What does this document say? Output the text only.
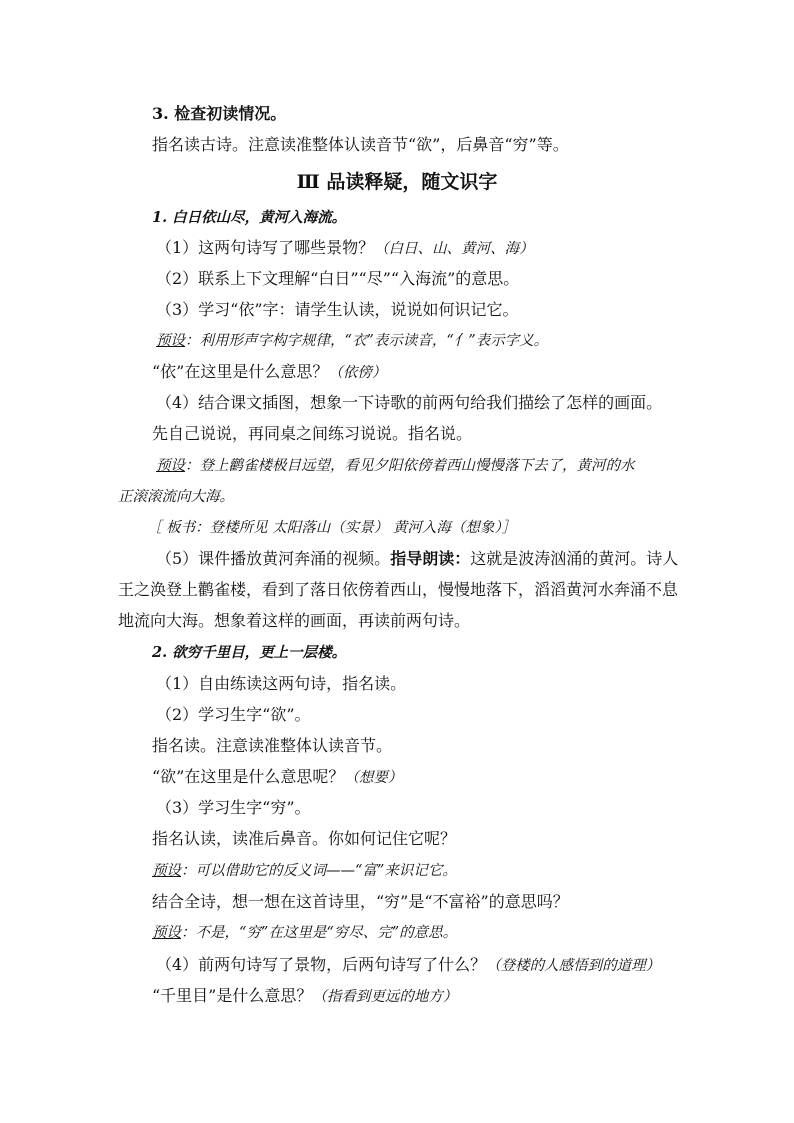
3. 检查初读情况。
指名读古诗。注意读准整体认读音节“欲”，后鼻音“穷”等。
Ⅲ 品读释疑，随文识字
1. 白日依山尽，黄河入海流。
（1）这两句诗写了哪些景物？（白日、山、黄河、海）
（2）联系上下文理解“白日”“尽”“入海流”的意思。
（3）学习“依”字：请学生认读，说说如何识记它。
预设：利用形声字构字规律，“衣”表示读音，“亻”表示字义。
“依”在这里是什么意思？（依傍）
（4）结合课文插图，想象一下诗歌的前两句给我们描绘了怎样的画面。
先自己说说，再同桌之间练习说说。指名说。
预设：登上鹳雀楼极目远望，看见夕阳依傍着西山慢慢落下去了，黄河的水
正滚滚流向大海。
［ 板书：登楼所见 太阳落山（实景） 黄河入海（想象）］
（5）课件播放黄河奔涌的视频。指导朗读：这就是波涛汹涌的黄河。诗人
王之涣登上鹳雀楼，看到了落日依傍着西山，慢慢地落下，滔滔黄河水奔涌不息
地流向大海。想象着这样的画面，再读前两句诗。
2. 欲穷千里目，更上一层楼。
（1）自由练读这两句诗，指名读。
（2）学习生字“欲”。
指名读。注意读准整体认读音节。
“欲”在这里是什么意思呢？（想要）
（3）学习生字“穷”。
指名认读，读准后鼻音。你如何记住它呢？
预设：可以借助它的反义词——“富”来识记它。
结合全诗，想一想在这首诗里，“穷”是“不富裕”的意思吗？
预设：不是，“穷”在这里是“穷尽、完”的意思。
（4）前两句诗写了景物，后两句诗写了什么？（登楼的人感悟到的道理）
“千里目”是什么意思？（指看到更远的地方）
